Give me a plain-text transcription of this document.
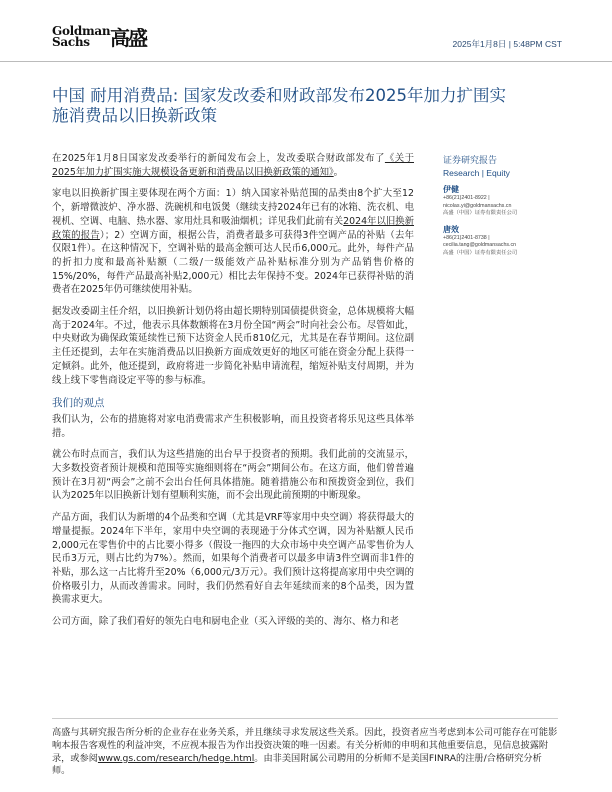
Goldman Sachs	高盛	2025年1月8日 | 5:48PM CST
中国 耐用消费品: 国家发改委和财政部发布2025年加力扩围实施消费品以旧换新政策

在2025年1月8日国家发改委举行的新闻发布会上，发改委联合财政部发布了《关于2025年加力扩围实施大规模设备更新和消费品以旧换新政策的通知》。

家电以旧换新扩围主要体现在两个方面：1）纳入国家补贴范围的品类由8个扩大至12个，新增微波炉、净水器、洗碗机和电饭煲（继续支持2024年已有的冰箱、洗衣机、电视机、空调、电脑、热水器、家用灶具和吸油烟机；详见我们此前有关2024年以旧换新政策的报告）；2）空调方面，根据公告，消费者最多可获得3件空调产品的补贴（去年仅限1件）。在这种情况下，空调补贴的最高金额可达人民币6,000元。此外，每件产品的折扣力度和最高补贴额（二级/一级能效产品补贴标准分别为产品销售价格的15%/20%，每件产品最高补贴2,000元）相比去年保持不变。2024年已获得补贴的消费者在2025年仍可继续使用补贴。

据发改委副主任介绍，以旧换新计划仍将由超长期特别国债提供资金，总体规模将大幅高于2024年。不过，他表示具体数额将在3月份全国“两会”时向社会公布。尽管如此，中央财政为确保政策延续性已预下达资金人民币810亿元，尤其是在春节期间。这位副主任还提到，去年在实施消费品以旧换新方面成效更好的地区可能在资金分配上获得一定倾斜。此外，他还提到，政府将进一步简化补贴申请流程，缩短补贴支付周期，并为线上线下零售商设定平等的参与标准。

我们的观点

我们认为，公布的措施将对家电消费需求产生积极影响，而且投资者将乐见这些具体举措。

就公布时点而言，我们认为这些措施的出台早于投资者的预期。我们此前的交流显示，大多数投资者预计规模和范围等实施细则将在“两会”期间公布。在这方面，他们曾普遍预计在3月初“两会”之前不会出台任何具体措施。随着措施公布和预拨资金到位，我们认为2025年以旧换新计划有望顺利实施，而不会出现此前预期的中断现象。

产品方面，我们认为新增的4个品类和空调（尤其是VRF等家用中央空调）将获得最大的增量提振。2024年下半年，家用中央空调的表现逊于分体式空调，因为补贴额人民币2,000元在零售价中的占比要小得多（假设一拖四的大众市场中央空调产品零售价为人民币3万元，则占比约为7%）。然而，如果每个消费者可以最多申请3件空调而非1件的补贴，那么这一占比将升至20%（6,000元/3万元）。我们预计这将提高家用中央空调的价格吸引力，从而改善需求。同时，我们仍然看好自去年延续而来的8个品类，因为置换需求更大。

公司方面，除了我们看好的领先白电和厨电企业（买入评级的美的、海尔、格力和老

证券研究报告
Research | Equity
伊健
+86(21)2401-8922 |
nicolas.yi@goldmansachs.cn
高盛（中国）证券有限责任公司
唐效
+86(21)2401-8738 |
cecilia.tang@goldmansachs.cn
高盛（中国）证券有限责任公司
高盛与其研究报告所分析的企业存在业务关系，并且继续寻求发展这些关系。因此，投资者应当考虑到本公司可能存在可能影响本报告客观性的利益冲突，不应视本报告为作出投资决策的唯一因素。有关分析师的申明和其他重要信息，见信息披露附录，或参阅www.gs.com/research/hedge.html。由非美国附属公司聘用的分析师不是美国FINRA的注册/合格研究分析师。
